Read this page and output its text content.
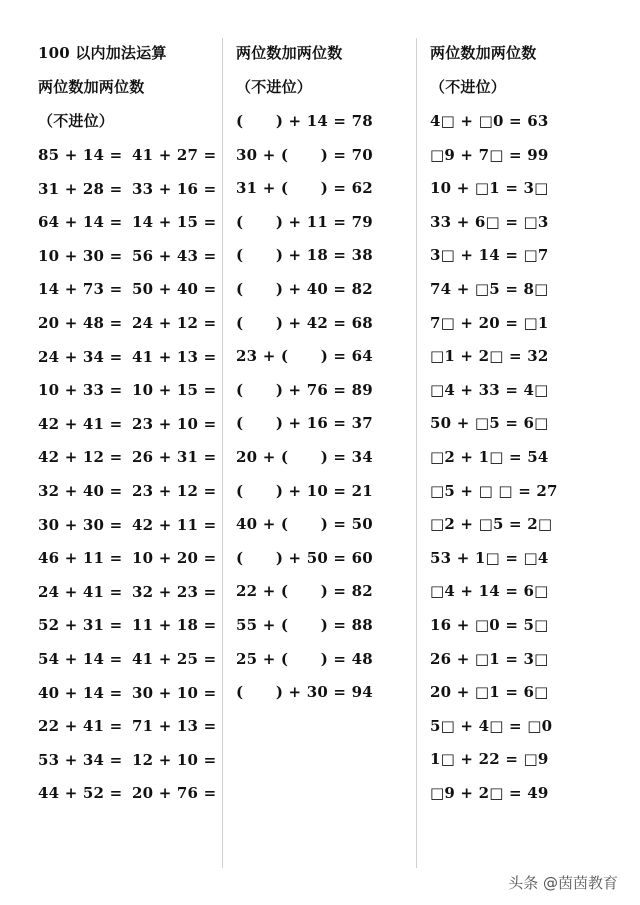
100 以内加法运算
两位数加两位数
（不进位）
85 + 14 = 41 + 27 =
31 + 28 = 33 + 16 =
64 + 14 = 14 + 15 =
10 + 30 = 56 + 43 =
14 + 73 = 50 + 40 =
20 + 48 = 24 + 12 =
24 + 34 = 41 + 13 =
10 + 33 = 10 + 15 =
42 + 41 = 23 + 10 =
42 + 12 = 26 + 31 =
32 + 40 = 23 + 12 =
30 + 30 = 42 + 11 =
46 + 11 = 10 + 20 =
24 + 41 = 32 + 23 =
52 + 31 = 11 + 18 =
54 + 14 = 41 + 25 =
40 + 14 = 30 + 10 =
22 + 41 = 71 + 13 =
53 + 34 = 12 + 10 =
44 + 52 = 20 + 76 =
两位数加两位数
（不进位）
(      ) + 14 = 78
30 + (      ) = 70
31 + (      ) = 62
(      ) + 11 = 79
(      ) + 18 = 38
(      ) + 40 = 82
(      ) + 42 = 68
23 + (      ) = 64
(      ) + 76 = 89
(      ) + 16 = 37
20 + (      ) = 34
(      ) + 10 = 21
40 + (      ) = 50
(      ) + 50 = 60
22 + (      ) = 82
55 + (      ) = 88
25 + (      ) = 48
(      ) + 30 = 94
两位数加两位数
（不进位）
4□ + □0 = 63
□9 + 7□ = 99
10 + □1 = 3□
33 + 6□ = □3
3□ + 14 = □7
74 + □5 = 8□
7□ + 20 = □1
□1 + 2□ = 32
□4 + 33 = 4□
50 + □5 = 6□
□2 + 1□ = 54
□5 + □ □ = 27
□2 + □5 = 2□
53 + 1□ = □4
□4 + 14 = 6□
16 + □0 = 5□
26 + □1 = 3□
20 + □1 = 6□
5□ + 4□ = □0
1□ + 22 = □9
□9 + 2□ = 49
头条 @茵茵教育
